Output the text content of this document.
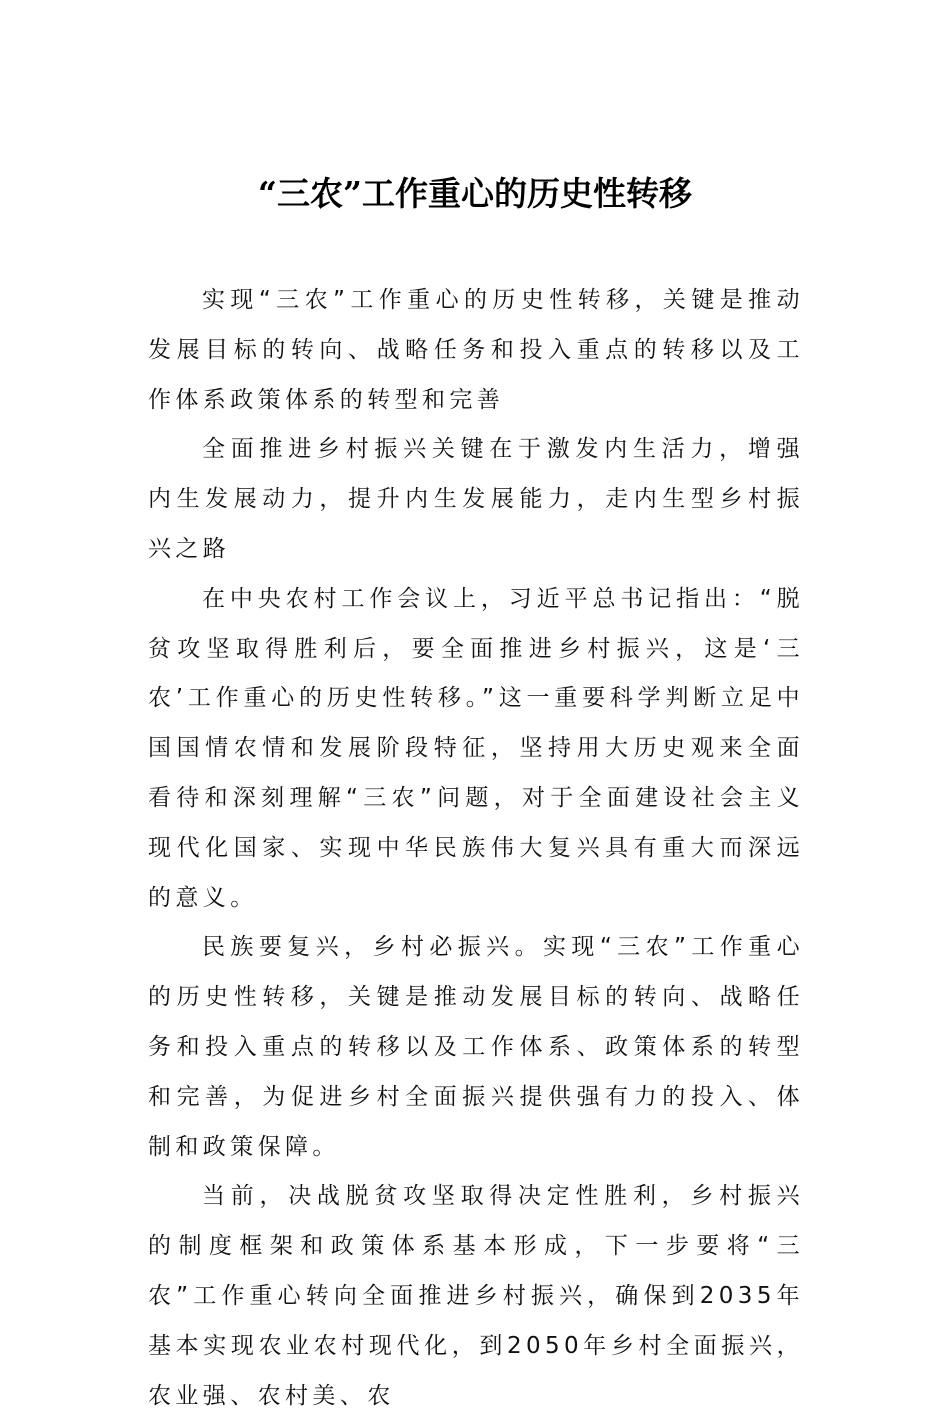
“三农”工作重心的历史性转移

实现“三农”工作重心的历史性转移，关键是推动发展目标的转向、战略任务和投入重点的转移以及工作体系政策体系的转型和完善

全面推进乡村振兴关键在于激发内生活力，增强内生发展动力，提升内生发展能力，走内生型乡村振兴之路

在中央农村工作会议上，习近平总书记指出：“脱贫攻坚取得胜利后，要全面推进乡村振兴，这是‘三农’工作重心的历史性转移。”这一重要科学判断立足中国国情农情和发展阶段特征，坚持用大历史观来全面看待和深刻理解“三农”问题，对于全面建设社会主义现代化国家、实现中华民族伟大复兴具有重大而深远的意义。

民族要复兴，乡村必振兴。实现“三农”工作重心的历史性转移，关键是推动发展目标的转向、战略任务和投入重点的转移以及工作体系、政策体系的转型和完善，为促进乡村全面振兴提供强有力的投入、体制和政策保障。

当前，决战脱贫攻坚取得决定性胜利，乡村振兴的制度框架和政策体系基本形成，下一步要将“三农”工作重心转向全面推进乡村振兴，确保到2035年基本实现农业农村现代化，到2050年乡村全面振兴，农业强、农村美、农
